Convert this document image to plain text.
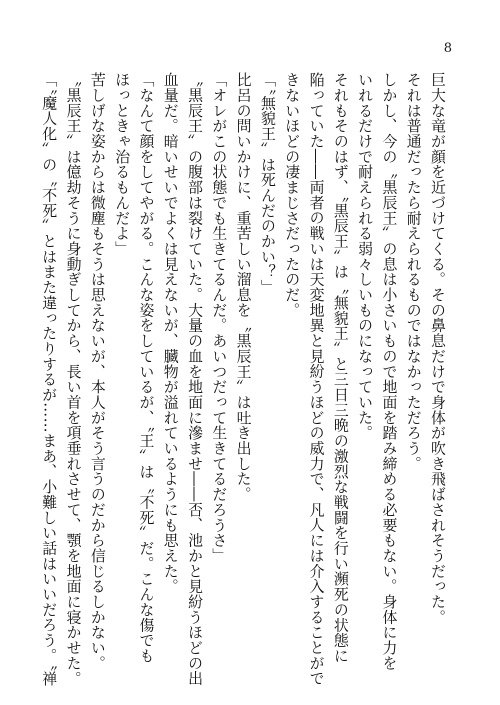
8

巨大な竜が顔を近づけてくる。その鼻息だけで身体が吹き飛ばされそうだった。

それは普通だったら耐えられるものではなかっただろう。

しかし、今の〝黒辰王〟の息は小さいもので地面を踏み締める必要もない。身体に力を

いれるだけで耐えられる弱々しいものになっていた。

それもそのはず、〝黒辰王〟は〝無貌王〟と三日三晩の激烈な戦闘を行い瀕死の状態に

陥っていた――両者の戦いは天変地異と見紛うほどの威力で、凡人には介入することがで

きないほどの凄まじさだったのだ。

「〝無貌王〟は死んだのかい？」

比呂の問いかけに、重苦しい溜息を〝黒辰王〟は吐き出した。

「オレがこの状態でも生きてるんだ。あいつだって生きてるだろうさ」

〝黒辰王〟の腹部は裂けていた。大量の血を地面に滲ませ――否、池かと見紛うほどの出

血量だ。暗いせいでよくは見えないが、臓物が溢れているようにも思えた。

「なんて顔をしてやがる。こんな姿をしているが、〝王〟は〝不死〟だ。こんな傷でも

ほっときゃ治るもんだよ」

苦しげな姿からは微塵もそうは思えないが、本人がそう言うのだから信じるしかない。

〝黒辰王〟は億劫そうに身動ぎしてから、長い首を項垂れさせて、顎を地面に寝かせた。

「〝魔人化〟の〝不死〟とはまた違ったりするが……まあ、小難しい話はいいだろう。〝禅
